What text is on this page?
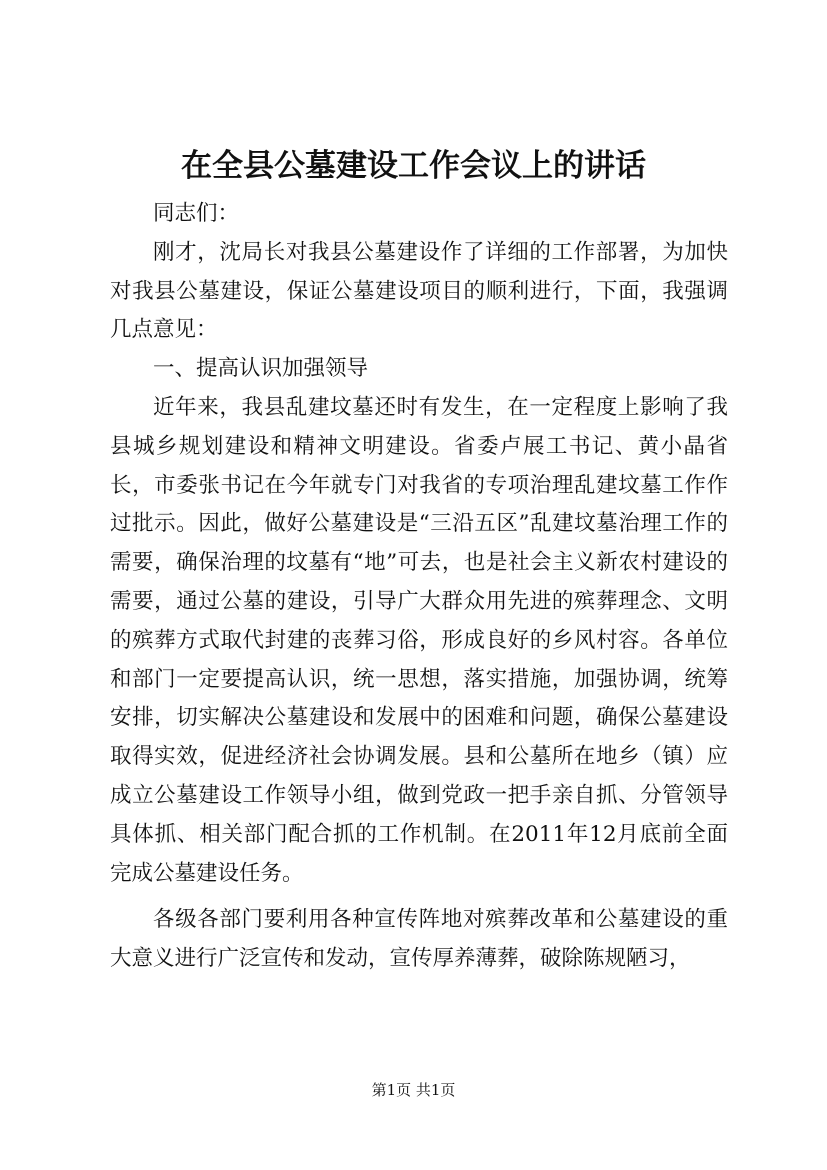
在全县公墓建设工作会议上的讲话

同志们：

刚才，沈局长对我县公墓建设作了详细的工作部署，为加快对我县公墓建设，保证公墓建设项目的顺利进行，下面，我强调几点意见：

一、提高认识加强领导

近年来，我县乱建坟墓还时有发生，在一定程度上影响了我县城乡规划建设和精神文明建设。省委卢展工书记、黄小晶省长，市委张书记在今年就专门对我省的专项治理乱建坟墓工作作过批示。因此，做好公墓建设是“三沿五区”乱建坟墓治理工作的需要，确保治理的坟墓有“地”可去，也是社会主义新农村建设的需要，通过公墓的建设，引导广大群众用先进的殡葬理念、文明的殡葬方式取代封建的丧葬习俗，形成良好的乡风村容。各单位和部门一定要提高认识，统一思想，落实措施，加强协调，统筹安排，切实解决公墓建设和发展中的困难和问题，确保公墓建设取得实效，促进经济社会协调发展。县和公墓所在地乡（镇）应成立公墓建设工作领导小组，做到党政一把手亲自抓、分管领导具体抓、相关部门配合抓的工作机制。在2011年12月底前全面完成公墓建设任务。

各级各部门要利用各种宣传阵地对殡葬改革和公墓建设的重大意义进行广泛宣传和发动，宣传厚养薄葬，破除陈规陋习，

第1页 共1页
